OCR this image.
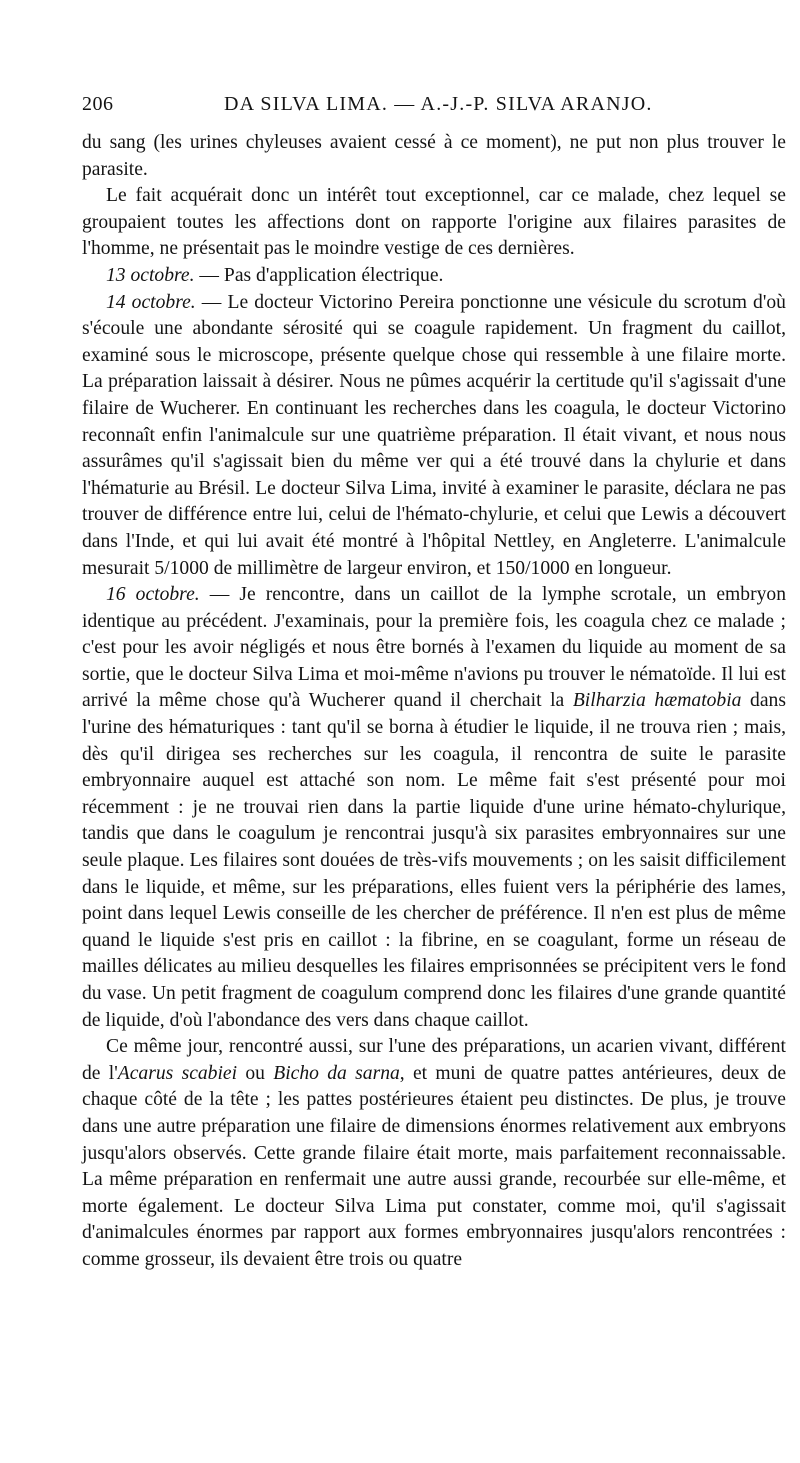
206	DA SILVA LIMA. — A.-J.-P. SILVA ARANJO.

du sang (les urines chyleuses avaient cessé à ce moment), ne put non plus trouver le parasite.

Le fait acquérait donc un intérêt tout exceptionnel, car ce malade, chez lequel se groupaient toutes les affections dont on rapporte l'origine aux filaires parasites de l'homme, ne présentait pas le moindre vestige de ces dernières.

13 octobre. — Pas d'application électrique.

14 octobre. — Le docteur Victorino Pereira ponctionne une vésicule du scrotum d'où s'écoule une abondante sérosité qui se coagule rapidement. Un fragment du caillot, examiné sous le microscope, présente quelque chose qui ressemble à une filaire morte. La préparation laissait à désirer. Nous ne pûmes acquérir la certitude qu'il s'agissait d'une filaire de Wucherer. En continuant les recherches dans les coagula, le docteur Victorino reconnaît enfin l'animalcule sur une quatrième préparation. Il était vivant, et nous nous assurâmes qu'il s'agissait bien du même ver qui a été trouvé dans la chylurie et dans l'hématurie au Brésil. Le docteur Silva Lima, invité à examiner le parasite, déclara ne pas trouver de différence entre lui, celui de l'hémato-chylurie, et celui que Lewis a découvert dans l'Inde, et qui lui avait été montré à l'hôpital Nettley, en Angleterre. L'animalcule mesurait 5/1000 de millimètre de largeur environ, et 150/1000 en longueur.

16 octobre. — Je rencontre, dans un caillot de la lymphe scrotale, un embryon identique au précédent. J'examinais, pour la première fois, les coagula chez ce malade ; c'est pour les avoir négligés et nous être bornés à l'examen du liquide au moment de sa sortie, que le docteur Silva Lima et moi-même n'avions pu trouver le nématoïde. Il lui est arrivé la même chose qu'à Wucherer quand il cherchait la Bilharzia hæmatobia dans l'urine des hématuriques : tant qu'il se borna à étudier le liquide, il ne trouva rien ; mais, dès qu'il dirigea ses recherches sur les coagula, il rencontra de suite le parasite embryonnaire auquel est attaché son nom. Le même fait s'est présenté pour moi récemment : je ne trouvai rien dans la partie liquide d'une urine hémato-chylurique, tandis que dans le coagulum je rencontrai jusqu'à six parasites embryonnaires sur une seule plaque. Les filaires sont douées de très-vifs mouvements ; on les saisit difficilement dans le liquide, et même, sur les préparations, elles fuient vers la périphérie des lames, point dans lequel Lewis conseille de les chercher de préférence. Il n'en est plus de même quand le liquide s'est pris en caillot : la fibrine, en se coagulant, forme un réseau de mailles délicates au milieu desquelles les filaires emprisonnées se précipitent vers le fond du vase. Un petit fragment de coagulum comprend donc les filaires d'une grande quantité de liquide, d'où l'abondance des vers dans chaque caillot.

Ce même jour, rencontré aussi, sur l'une des préparations, un acarien vivant, différent de l'Acarus scabiei ou Bicho da sarna, et muni de quatre pattes antérieures, deux de chaque côté de la tête ; les pattes postérieures étaient peu distinctes. De plus, je trouve dans une autre préparation une filaire de dimensions énormes relativement aux embryons jusqu'alors observés. Cette grande filaire était morte, mais parfaitement reconnaissable. La même préparation en renfermait une autre aussi grande, recourbée sur elle-même, et morte également. Le docteur Silva Lima put constater, comme moi, qu'il s'agissait d'animalcules énormes par rapport aux formes embryonnaires jusqu'alors rencontrées : comme grosseur, ils devaient être trois ou quatre
